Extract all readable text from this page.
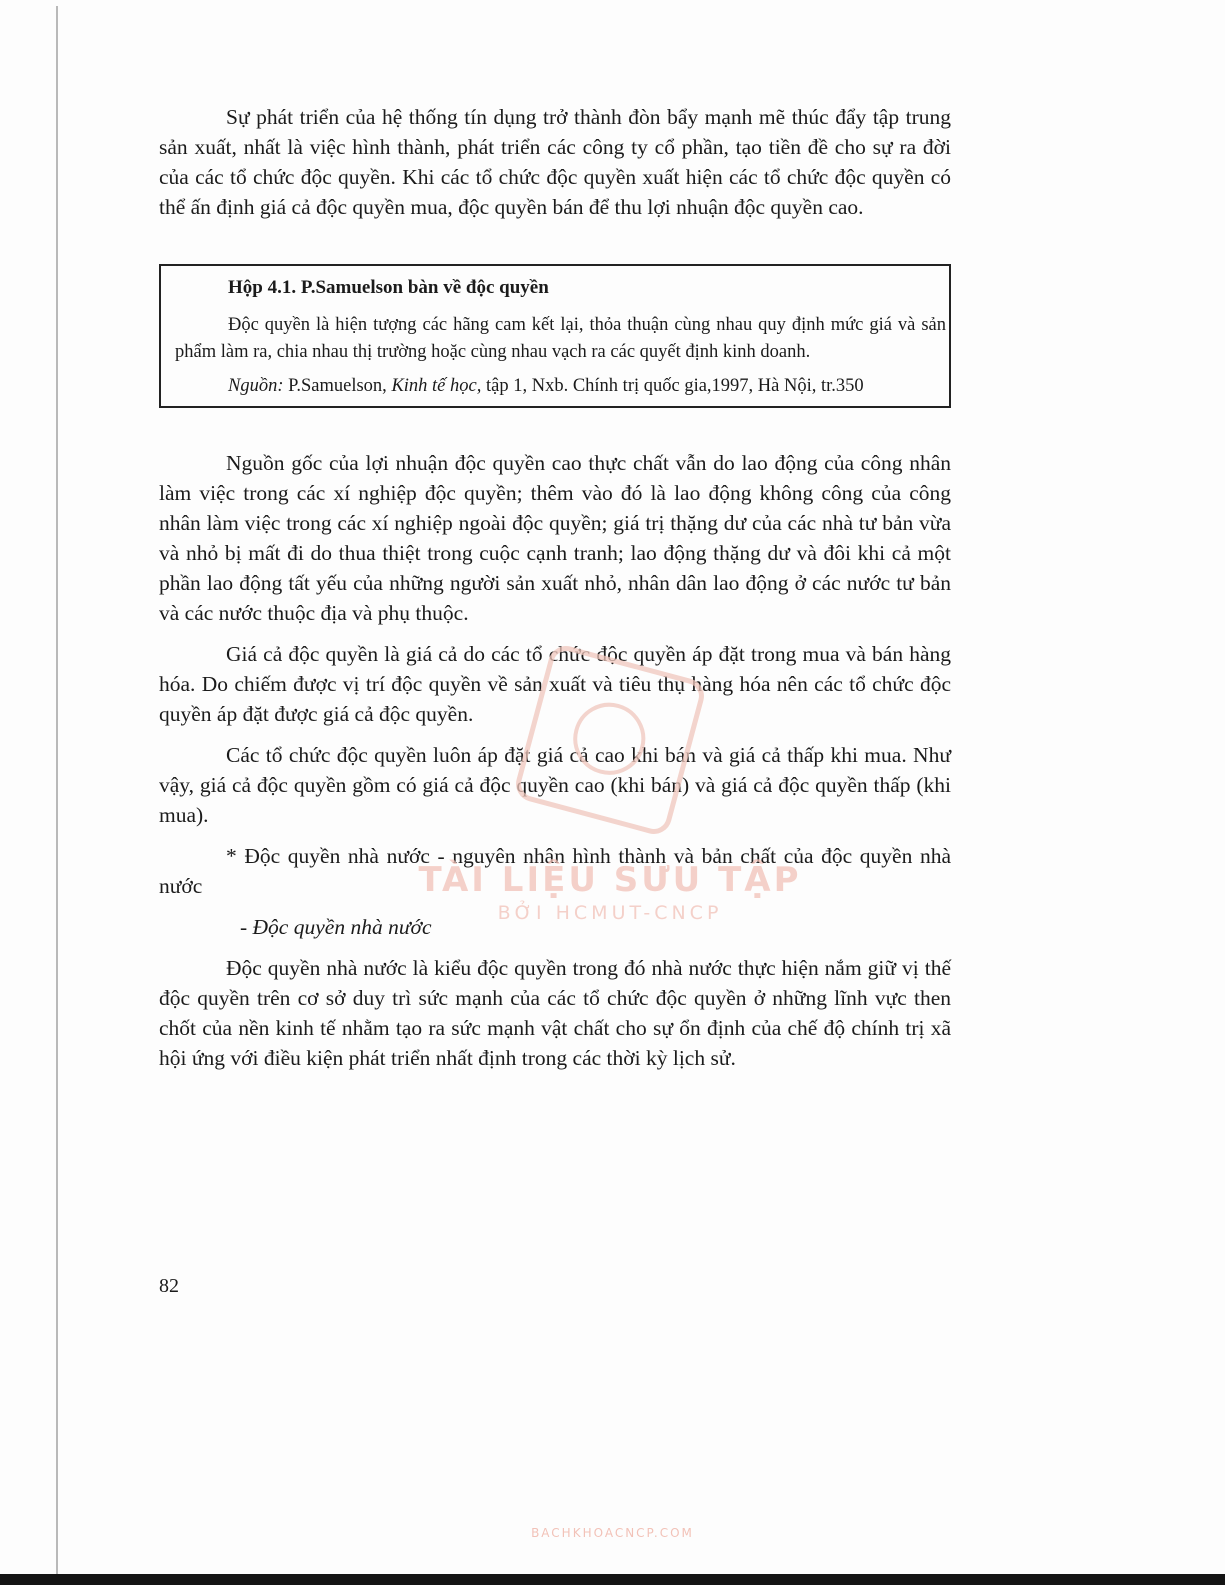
Sự phát triển của hệ thống tín dụng trở thành đòn bẩy mạnh mẽ thúc đẩy tập trung sản xuất, nhất là việc hình thành, phát triển các công ty cổ phần, tạo tiền đề cho sự ra đời của các tổ chức độc quyền. Khi các tổ chức độc quyền xuất hiện các tổ chức độc quyền có thể ấn định giá cả độc quyền mua, độc quyền bán để thu lợi nhuận độc quyền cao.

Hộp 4.1. P.Samuelson bàn về độc quyền

Độc quyền là hiện tượng các hãng cam kết lại, thỏa thuận cùng nhau quy định mức giá và sản phẩm làm ra, chia nhau thị trường hoặc cùng nhau vạch ra các quyết định kinh doanh.

Nguồn: P.Samuelson, Kinh tế học, tập 1, Nxb. Chính trị quốc gia,1997, Hà Nội, tr.350

Nguồn gốc của lợi nhuận độc quyền cao thực chất vẫn do lao động của công nhân làm việc trong các xí nghiệp độc quyền; thêm vào đó là lao động không công của công nhân làm việc trong các xí nghiệp ngoài độc quyền; giá trị thặng dư của các nhà tư bản vừa và nhỏ bị mất đi do thua thiệt trong cuộc cạnh tranh; lao động thặng dư và đôi khi cả một phần lao động tất yếu của những người sản xuất nhỏ, nhân dân lao động ở các nước tư bản và các nước thuộc địa và phụ thuộc.

Giá cả độc quyền là giá cả do các tổ chức độc quyền áp đặt trong mua và bán hàng hóa. Do chiếm được vị trí độc quyền về sản xuất và tiêu thụ hàng hóa nên các tổ chức độc quyền áp đặt được giá cả độc quyền.

Các tổ chức độc quyền luôn áp đặt giá cả cao khi bán và giá cả thấp khi mua. Như vậy, giá cả độc quyền gồm có giá cả độc quyền cao (khi bán) và giá cả độc quyền thấp (khi mua).

* Độc quyền nhà nước - nguyên nhân hình thành và bản chất của độc quyền nhà nước

- Độc quyền nhà nước

Độc quyền nhà nước là kiểu độc quyền trong đó nhà nước thực hiện nắm giữ vị thế độc quyền trên cơ sở duy trì sức mạnh của các tổ chức độc quyền ở những lĩnh vực then chốt của nền kinh tế nhằm tạo ra sức mạnh vật chất cho sự ổn định của chế độ chính trị xã hội ứng với điều kiện phát triển nhất định trong các thời kỳ lịch sử.

82
TÀI LIỆU SƯU TẬP
BỞI HCMUT-CNCP
BACHKHOACNCP.COM
